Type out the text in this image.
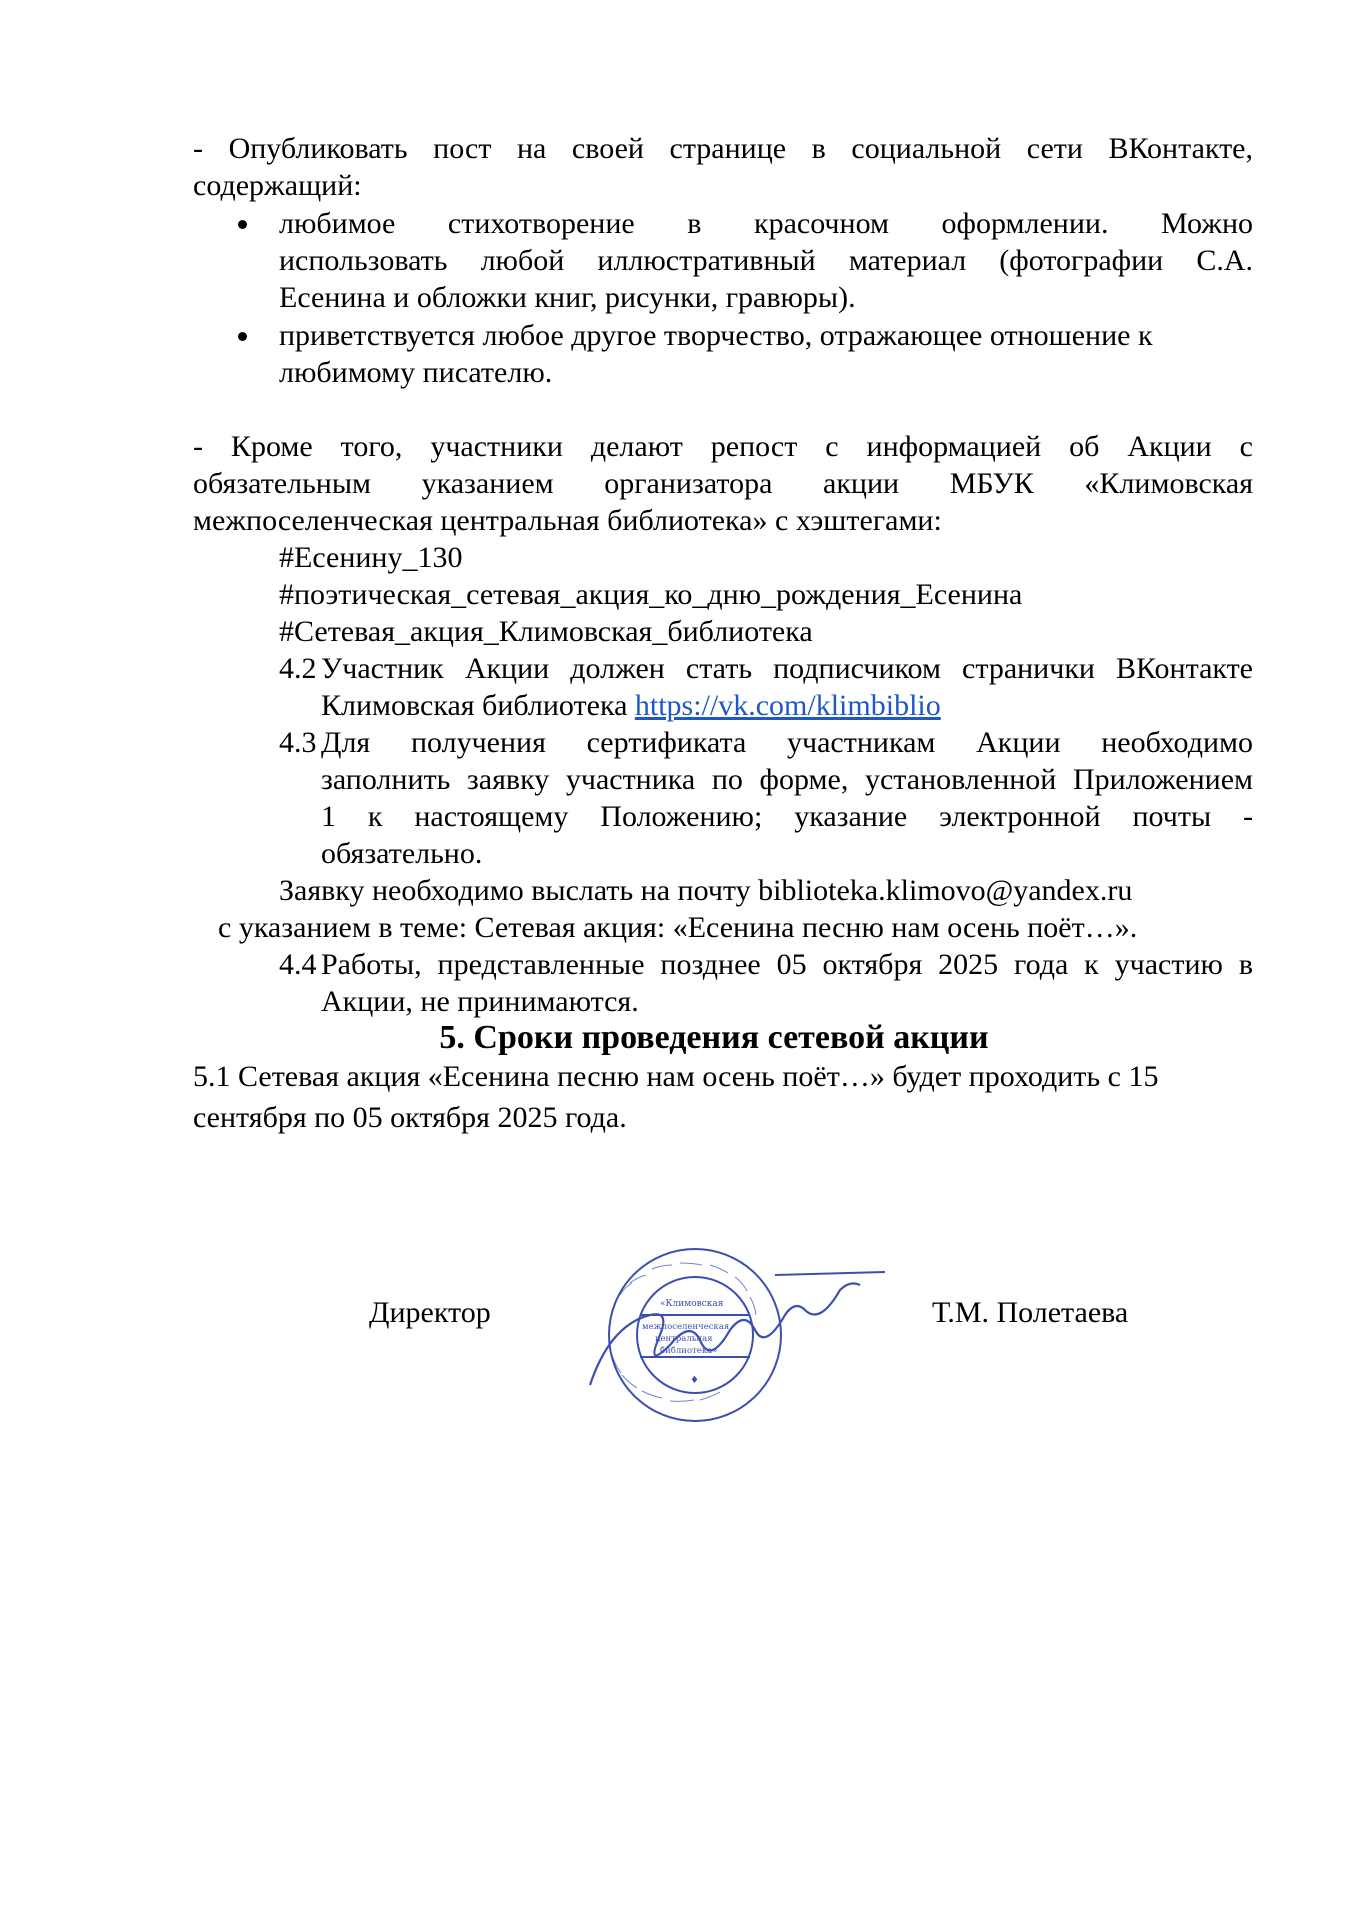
- Опубликовать пост на своей странице в социальной сети ВКонтакте,
содержащий:
любимое стихотворение в красочном оформлении. Можно
использовать любой иллюстративный материал (фотографии С.А.
Есенина и обложки книг, рисунки, гравюры).
приветствуется любое другое творчество, отражающее отношение к
любимому писателю.
- Кроме того, участники делают репост с информацией об Акции с
обязательным указанием организатора акции МБУК «Климовская
межпоселенческая центральная библиотека» с хэштегами:
#Есенину_130
#поэтическая_сетевая_акция_ко_дню_рождения_Есенина
#Сетевая_акция_Климовская_библиотека
4.2 Участник Акции должен стать подписчиком странички ВКонтакте
Климовская библиотека https://vk.com/klimbiblio
4.3 Для получения сертификата участникам Акции необходимо
заполнить заявку участника по форме, установленной Приложением
1 к настоящему Положению; указание электронной почты -
обязательно.
Заявку необходимо выслать на почту biblioteka.klimovo@yandex.ru
с указанием в теме: Сетевая акция: «Есенина песню нам осень поёт…».
4.4 Работы, представленные позднее 05 октября 2025 года к участию в
Акции, не принимаются.
5. Сроки проведения сетевой акции
5.1 Сетевая акция «Есенина песню нам осень поёт…» будет проходить с 15
сентября по 05 октября 2025 года.
Директор	Т.М. Полетаева
«Климовская
межпоселенческая
центральная
библиотека»
♦
